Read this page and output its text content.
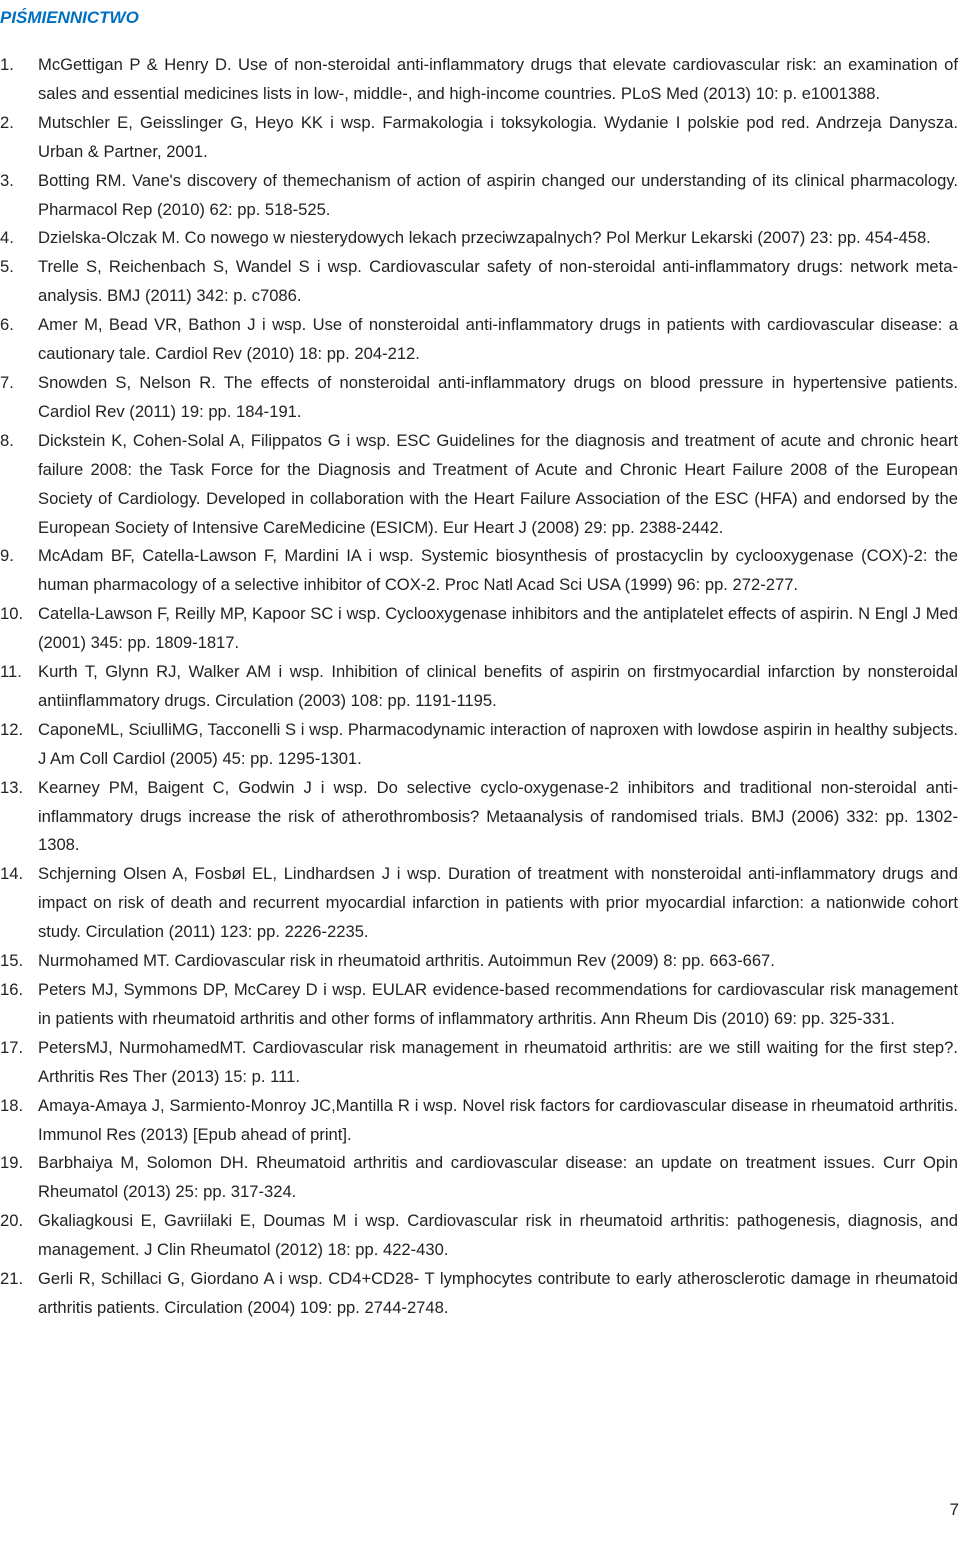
PIŚMIENNICTWO
1. McGettigan P & Henry D. Use of non-steroidal anti-inflammatory drugs that elevate cardiovascular risk: an examination of sales and essential medicines lists in low-, middle-, and high-income countries. PLoS Med (2013) 10: p. e1001388.
2. Mutschler E, Geisslinger G, Heyo KK i wsp. Farmakologia i toksykologia. Wydanie I polskie pod red. Andrzeja Danysza. Urban & Partner, 2001.
3. Botting RM. Vane's discovery of themechanism of action of aspirin changed our understanding of its clinical pharmacology. Pharmacol Rep (2010) 62: pp. 518-525.
4. Dzielska-Olczak M. Co nowego w niesterydowych lekach przeciwzapalnych? Pol Merkur Lekarski (2007) 23: pp. 454-458.
5. Trelle S, Reichenbach S, Wandel S i wsp. Cardiovascular safety of non-steroidal anti-inflammatory drugs: network meta-analysis. BMJ (2011) 342: p. c7086.
6. Amer M, Bead VR, Bathon J i wsp. Use of nonsteroidal anti-inflammatory drugs in patients with cardiovascular disease: a cautionary tale. Cardiol Rev (2010) 18: pp. 204-212.
7. Snowden S, Nelson R. The effects of nonsteroidal anti-inflammatory drugs on blood pressure in hypertensive patients. Cardiol Rev (2011) 19: pp. 184-191.
8. Dickstein K, Cohen-Solal A, Filippatos G i wsp. ESC Guidelines for the diagnosis and treatment of acute and chronic heart failure 2008: the Task Force for the Diagnosis and Treatment of Acute and Chronic Heart Failure 2008 of the European Society of Cardiology. Developed in collaboration with the Heart Failure Association of the ESC (HFA) and endorsed by the European Society of Intensive CareMedicine (ESICM). Eur Heart J (2008) 29: pp. 2388-2442.
9. McAdam BF, Catella-Lawson F, Mardini IA i wsp. Systemic biosynthesis of prostacyclin by cyclooxygenase (COX)-2: the human pharmacology of a selective inhibitor of COX-2. Proc Natl Acad Sci USA (1999) 96: pp. 272-277.
10. Catella-Lawson F, Reilly MP, Kapoor SC i wsp. Cyclooxygenase inhibitors and the antiplatelet effects of aspirin. N Engl J Med (2001) 345: pp. 1809-1817.
11. Kurth T, Glynn RJ, Walker AM i wsp. Inhibition of clinical benefits of aspirin on firstmyocardial infarction by nonsteroidal antiinflammatory drugs. Circulation (2003) 108: pp. 1191-1195.
12. CaponeML, SciulliMG, Tacconelli S i wsp. Pharmacodynamic interaction of naproxen with lowdose aspirin in healthy subjects. J Am Coll Cardiol (2005) 45: pp. 1295-1301.
13. Kearney PM, Baigent C, Godwin J i wsp. Do selective cyclo-oxygenase-2 inhibitors and traditional non-steroidal anti-inflammatory drugs increase the risk of atherothrombosis? Metaanalysis of randomised trials. BMJ (2006) 332: pp. 1302-1308.
14. Schjerning Olsen A, Fosbøl EL, Lindhardsen J i wsp. Duration of treatment with nonsteroidal anti-inflammatory drugs and impact on risk of death and recurrent myocardial infarction in patients with prior myocardial infarction: a nationwide cohort study. Circulation (2011) 123: pp. 2226-2235.
15. Nurmohamed MT. Cardiovascular risk in rheumatoid arthritis. Autoimmun Rev (2009) 8: pp. 663-667.
16. Peters MJ, Symmons DP, McCarey D i wsp. EULAR evidence-based recommendations for cardiovascular risk management in patients with rheumatoid arthritis and other forms of inflammatory arthritis. Ann Rheum Dis (2010) 69: pp. 325-331.
17. PetersMJ, NurmohamedMT. Cardiovascular risk management in rheumatoid arthritis: are we still waiting for the first step?. Arthritis Res Ther (2013) 15: p. 111.
18. Amaya-Amaya J, Sarmiento-Monroy JC,Mantilla R i wsp. Novel risk factors for cardiovascular disease in rheumatoid arthritis. Immunol Res (2013) [Epub ahead of print].
19. Barbhaiya M, Solomon DH. Rheumatoid arthritis and cardiovascular disease: an update on treatment issues. Curr Opin Rheumatol (2013) 25: pp. 317-324.
20. Gkaliagkousi E, Gavriilaki E, Doumas M i wsp. Cardiovascular risk in rheumatoid arthritis: pathogenesis, diagnosis, and management. J Clin Rheumatol (2012) 18: pp. 422-430.
21. Gerli R, Schillaci G, Giordano A i wsp. CD4+CD28- T lymphocytes contribute to early atherosclerotic damage in rheumatoid arthritis patients. Circulation (2004) 109: pp. 2744-2748.
7
